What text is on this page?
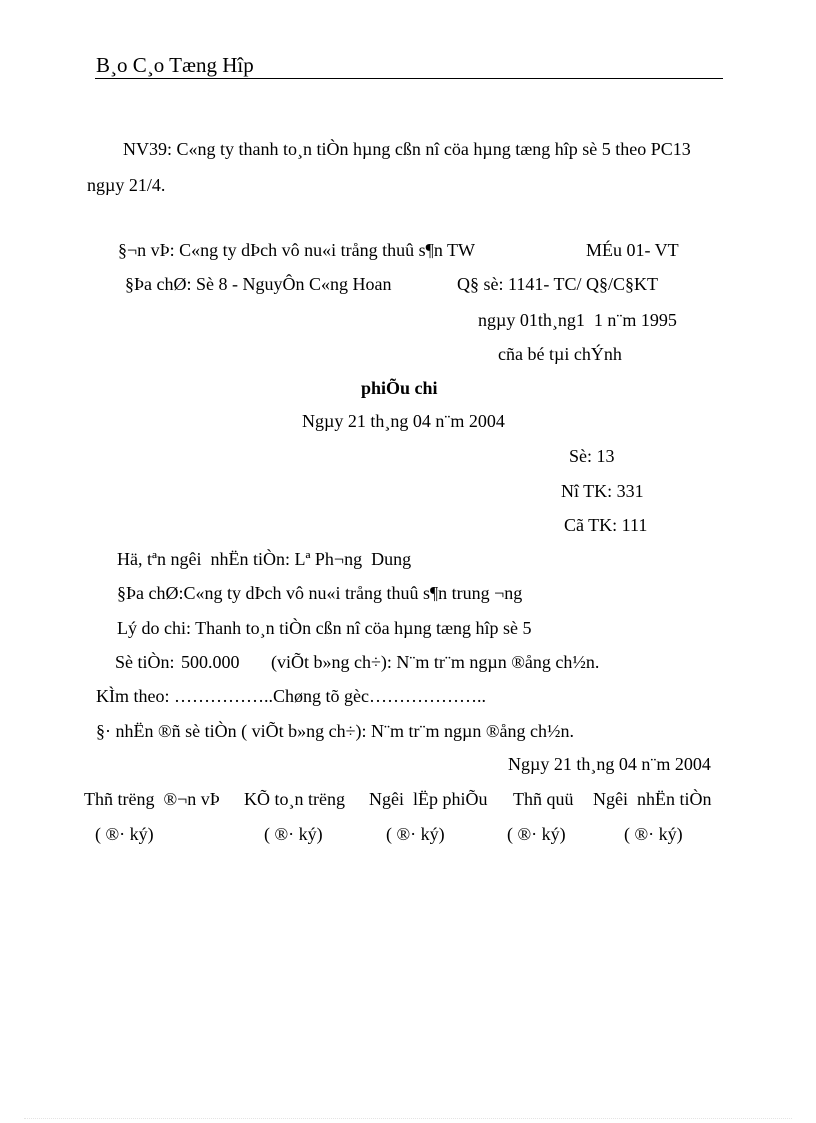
B¸o C¸o Tæng Hîp
NV39: C«ng ty thanh to¸n tiÒn hµng cßn nî cöa hµng tæng hîp sè 5 theo PC13
ngµy 21/4.
§¬n vÞ: C«ng ty dÞch vô nu«i trång thuû s¶n TW	MÉu 01- VT
§Þa chØ: Sè 8 - NguyÔn C«ng Hoan	Q§ sè: 1141- TC/ Q§/C§KT
ngµy 01th¸ng1  1 n¨m 1995
cña bé tµi chÝnh
phiÕu chi
Ngµy 21 th¸ng 04 n¨m 2004
Sè: 13
Nî TK: 331
Cã TK: 111
Hä, tªn ngêi  nhËn tiÒn: Lª Ph¬ng  Dung
§Þa chØ:C«ng ty dÞch vô nu«i trång thuû s¶n trung ¬ng
Lý do chi: Thanh to¸n tiÒn cßn nî cöa hµng tæng hîp sè 5
Sè tiÒn: 500.000 (viÕt b»ng ch÷): N¨m tr¨m ngµn ®ång ch½n.
KÌm theo: ……………..Chøng tõ gèc………………..
§· nhËn ®ñ sè tiÒn ( viÕt b»ng ch÷): N¨m tr¨m ngµn ®ång ch½n.
Ngµy 21 th¸ng 04 n¨m 2004
Thñ trëng  ®¬n vÞ KÕ to¸n trëng Ngêi  lËp phiÕu Thñ quü Ngêi  nhËn tiÒn
( ®· ký)	( ®· ký)	( ®· ký)	( ®· ký)	( ®· ký)
